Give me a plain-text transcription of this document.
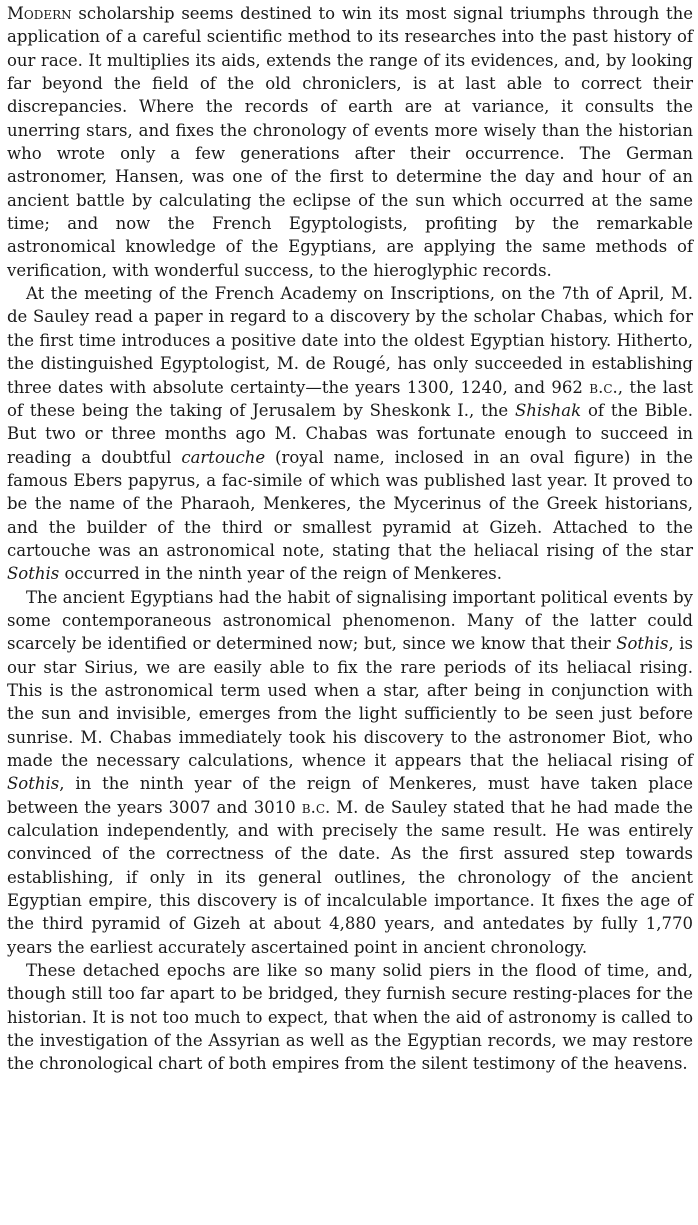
Modern scholarship seems destined to win its most signal triumphs through the application of a careful scientific method to its researches into the past history of our race. It multiplies its aids, extends the range of its evidences, and, by looking far beyond the field of the old chroniclers, is at last able to correct their discrepancies. Where the records of earth are at variance, it consults the unerring stars, and fixes the chronology of events more wisely than the historian who wrote only a few generations after their occurrence. The German astronomer, Hansen, was one of the first to determine the day and hour of an ancient battle by calculating the eclipse of the sun which occurred at the same time; and now the French Egyptologists, profiting by the remarkable astronomical knowledge of the Egyptians, are applying the same methods of verification, with wonderful success, to the hieroglyphic records.

At the meeting of the French Academy on Inscriptions, on the 7th of April, M. de Sauley read a paper in regard to a discovery by the scholar Chabas, which for the first time introduces a positive date into the oldest Egyptian history. Hitherto, the distinguished Egyptologist, M. de Rougé, has only succeeded in establishing three dates with absolute certainty—the years 1300, 1240, and 962 b.c., the last of these being the taking of Jerusalem by Sheskonk I., the Shishak of the Bible. But two or three months ago M. Chabas was fortunate enough to succeed in reading a doubtful cartouche (royal name, inclosed in an oval figure) in the famous Ebers papyrus, a fac-simile of which was published last year. It proved to be the name of the Pharaoh, Menkeres, the Mycerinus of the Greek historians, and the builder of the third or smallest pyramid at Gizeh. Attached to the cartouche was an astronomical note, stating that the heliacal rising of the star Sothis occurred in the ninth year of the reign of Menkeres.

The ancient Egyptians had the habit of signalising important political events by some contemporaneous astronomical phenomenon. Many of the latter could scarcely be identified or determined now; but, since we know that their Sothis, is our star Sirius, we are easily able to fix the rare periods of its heliacal rising. This is the astronomical term used when a star, after being in conjunction with the sun and invisible, emerges from the light sufficiently to be seen just before sunrise. M. Chabas immediately took his discovery to the astronomer Biot, who made the necessary calculations, whence it appears that the heliacal rising of Sothis, in the ninth year of the reign of Menkeres, must have taken place between the years 3007 and 3010 b.c. M. de Sauley stated that he had made the calculation independently, and with precisely the same result. He was entirely convinced of the correctness of the date. As the first assured step towards establishing, if only in its general outlines, the chronology of the ancient Egyptian empire, this discovery is of incalculable importance. It fixes the age of the third pyramid of Gizeh at about 4,880 years, and antedates by fully 1,770 years the earliest accurately ascertained point in ancient chronology.

These detached epochs are like so many solid piers in the flood of time, and, though still too far apart to be bridged, they furnish secure resting-places for the historian. It is not too much to expect, that when the aid of astronomy is called to the investigation of the Assyrian as well as the Egyptian records, we may restore the chronological chart of both empires from the silent testimony of the heavens.
